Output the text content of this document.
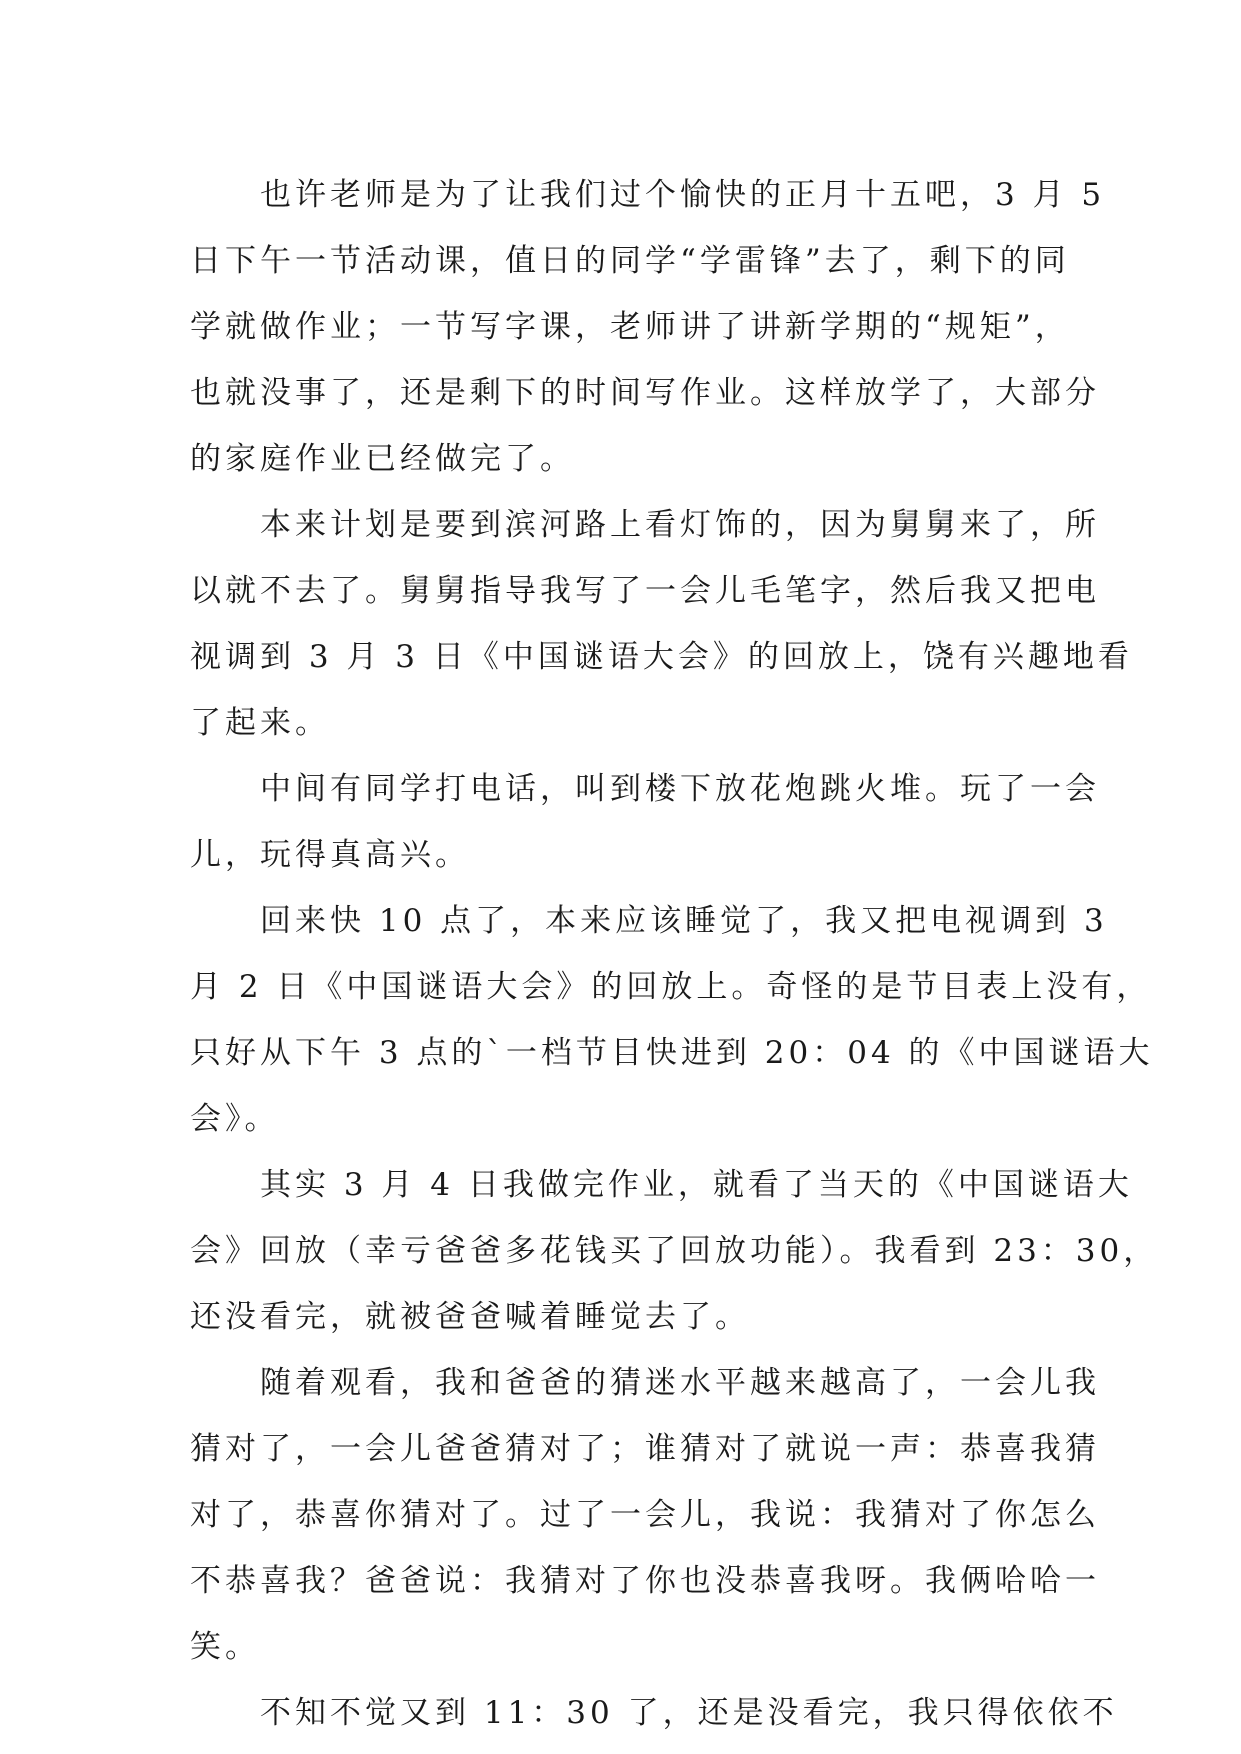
也许老师是为了让我们过个愉快的正月十五吧，3 月 5
日下午一节活动课，值日的同学“学雷锋”去了，剩下的同
学就做作业；一节写字课，老师讲了讲新学期的“规矩”，
也就没事了，还是剩下的时间写作业。这样放学了，大部分
的家庭作业已经做完了。
本来计划是要到滨河路上看灯饰的，因为舅舅来了，所
以就不去了。舅舅指导我写了一会儿毛笔字，然后我又把电
视调到 3 月 3 日《中国谜语大会》的回放上，饶有兴趣地看
了起来。
中间有同学打电话，叫到楼下放花炮跳火堆。玩了一会
儿，玩得真高兴。
回来快 10 点了，本来应该睡觉了，我又把电视调到 3
月 2 日《中国谜语大会》的回放上。奇怪的是节目表上没有，
只好从下午 3 点的`一档节目快进到 20：04 的《中国谜语大
会》。
其实 3 月 4 日我做完作业，就看了当天的《中国谜语大
会》回放（幸亏爸爸多花钱买了回放功能）。我看到 23：30，
还没看完，就被爸爸喊着睡觉去了。
随着观看，我和爸爸的猜迷水平越来越高了，一会儿我
猜对了，一会儿爸爸猜对了；谁猜对了就说一声：恭喜我猜
对了，恭喜你猜对了。过了一会儿，我说：我猜对了你怎么
不恭喜我？爸爸说：我猜对了你也没恭喜我呀。我俩哈哈一
笑。
不知不觉又到 11：30 了，还是没看完，我只得依依不
